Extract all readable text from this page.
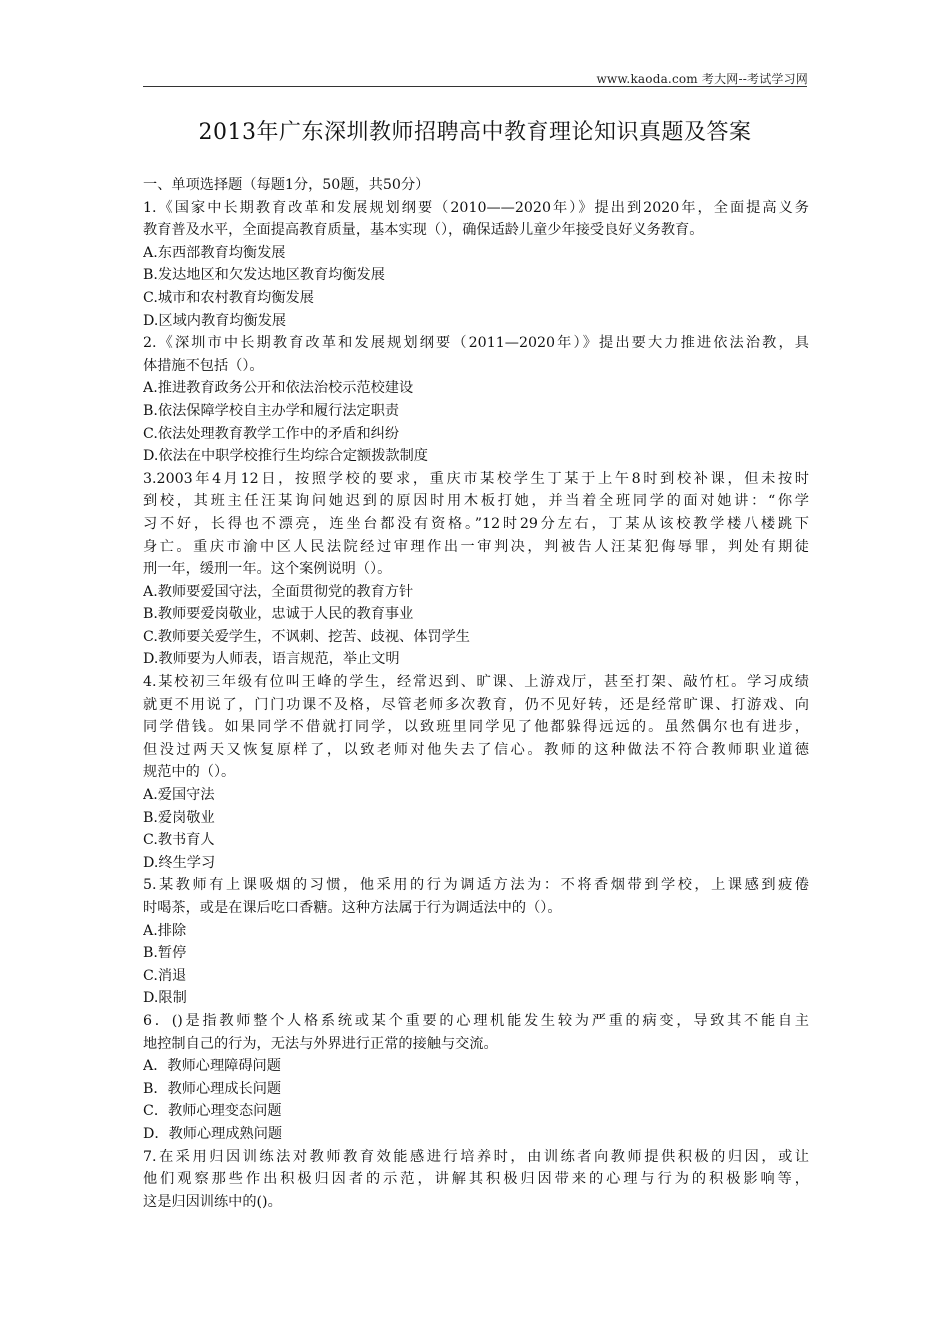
www.kaoda.com 考大网--考试学习网
2013年广东深圳教师招聘高中教育理论知识真题及答案
一、单项选择题（每题1分，50题，共50分）
1.《国家中长期教育改革和发展规划纲要（2010——2020年）》提出到2020年，全面提高义务
教育普及水平，全面提高教育质量，基本实现（），确保适龄儿童少年接受良好义务教育。
A.东西部教育均衡发展
B.发达地区和欠发达地区教育均衡发展
C.城市和农村教育均衡发展
D.区域内教育均衡发展
2.《深圳市中长期教育改革和发展规划纲要（2011—2020年）》提出要大力推进依法治教，具
体措施不包括（）。
A.推进教育政务公开和依法治校示范校建设
B.依法保障学校自主办学和履行法定职责
C.依法处理教育教学工作中的矛盾和纠纷
D.依法在中职学校推行生均综合定额拨款制度
3.2003年4月12日，按照学校的要求，重庆市某校学生丁某于上午8时到校补课，但未按时
到校，其班主任汪某询问她迟到的原因时用木板打她，并当着全班同学的面对她讲：“你学
习不好，长得也不漂亮，连坐台都没有资格。”12时29分左右，丁某从该校教学楼八楼跳下
身亡。重庆市渝中区人民法院经过审理作出一审判决，判被告人汪某犯侮辱罪，判处有期徒
刑一年，缓刑一年。这个案例说明（）。
A.教师要爱国守法，全面贯彻党的教育方针
B.教师要爱岗敬业，忠诚于人民的教育事业
C.教师要关爱学生，不讽刺、挖苦、歧视、体罚学生
D.教师要为人师表，语言规范，举止文明
4.某校初三年级有位叫王峰的学生，经常迟到、旷课、上游戏厅，甚至打架、敲竹杠。学习成绩
就更不用说了，门门功课不及格，尽管老师多次教育，仍不见好转，还是经常旷课、打游戏、向
同学借钱。如果同学不借就打同学，以致班里同学见了他都躲得远远的。虽然偶尔也有进步，
但没过两天又恢复原样了，以致老师对他失去了信心。教师的这种做法不符合教师职业道德
规范中的（）。
A.爱国守法
B.爱岗敬业
C.教书育人
D.终生学习
5.某教师有上课吸烟的习惯，他采用的行为调适方法为：不将香烟带到学校，上课感到疲倦
时喝茶，或是在课后吃口香糖。这种方法属于行为调适法中的（）。
A.排除
B.暂停
C.消退
D.限制
6．()是指教师整个人格系统或某个重要的心理机能发生较为严重的病变，导致其不能自主
地控制自己的行为，无法与外界进行正常的接触与交流。
A．教师心理障碍问题
B．教师心理成长问题
C．教师心理变态问题
D．教师心理成熟问题
7.在采用归因训练法对教师教育效能感进行培养时，由训练者向教师提供积极的归因，或让
他们观察那些作出积极归因者的示范，讲解其积极归因带来的心理与行为的积极影响等，
这是归因训练中的()。
